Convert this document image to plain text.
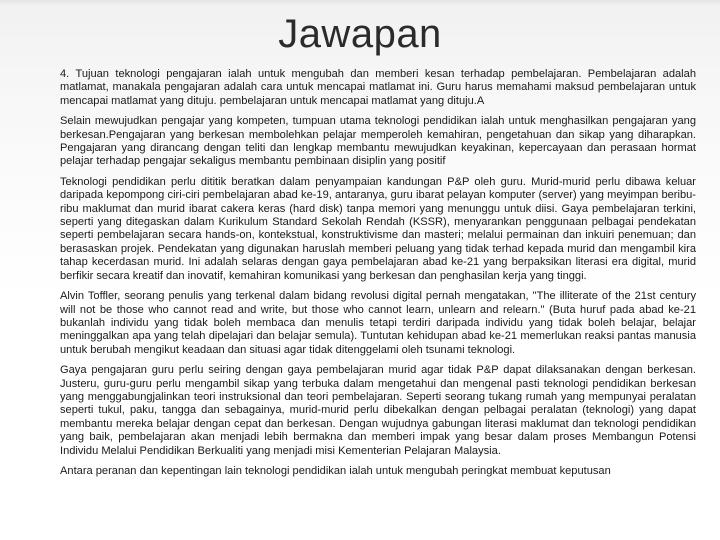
Jawapan

4. Tujuan teknologi pengajaran ialah untuk mengubah dan memberi kesan terhadap pembelajaran. Pembelajaran adalah matlamat, manakala pengajaran adalah cara untuk mencapai matlamat ini. Guru harus memahami maksud pembelajaran untuk mencapai matlamat yang dituju. pembelajaran untuk mencapai matlamat yang dituju.A

Selain mewujudkan pengajar yang kompeten, tumpuan utama teknologi pendidikan ialah untuk menghasilkan pengajaran yang berkesan.Pengajaran yang berkesan membolehkan pelajar memperoleh kemahiran, pengetahuan dan sikap yang diharapkan. Pengajaran yang dirancang dengan teliti dan lengkap membantu mewujudkan keyakinan, kepercayaan dan perasaan hormat pelajar terhadap pengajar sekaligus membantu pembinaan disiplin yang positif

Teknologi pendidikan perlu dititik beratkan dalam penyampaian kandungan P&P oleh guru. Murid-murid perlu dibawa keluar daripada kepompong ciri-ciri pembelajaran abad ke-19, antaranya, guru ibarat pelayan komputer (server) yang meyimpan beribu-ribu maklumat dan murid ibarat cakera keras (hard disk) tanpa memori yang menunggu untuk diisi. Gaya pembelajaran terkini, seperti yang ditegaskan dalam Kurikulum Standard Sekolah Rendah (KSSR), menyarankan penggunaan pelbagai pendekatan seperti pembelajaran secara hands-on, kontekstual, konstruktivisme dan masteri; melalui permainan dan inkuiri penemuan; dan berasaskan projek. Pendekatan yang digunakan haruslah memberi peluang yang tidak terhad kepada murid dan mengambil kira tahap kecerdasan murid. Ini adalah selaras dengan gaya pembelajaran abad ke-21 yang berpaksikan literasi era digital, murid berfikir secara kreatif dan inovatif, kemahiran komunikasi yang berkesan dan penghasilan kerja yang tinggi.

Alvin Toffler, seorang penulis yang terkenal dalam bidang revolusi digital pernah mengatakan, "The illiterate of the 21st century will not be those who cannot read and write, but those who cannot learn, unlearn and relearn." (Buta huruf pada abad ke-21 bukanlah individu yang tidak boleh membaca dan menulis tetapi terdiri daripada individu yang tidak boleh belajar, belajar meninggalkan apa yang telah dipelajari dan belajar semula). Tuntutan kehidupan abad ke-21 memerlukan reaksi pantas manusia untuk berubah mengikut keadaan dan situasi agar tidak ditenggelami oleh tsunami teknologi.

Gaya pengajaran guru perlu seiring dengan gaya pembelajaran murid agar tidak P&P dapat dilaksanakan dengan berkesan. Justeru, guru-guru perlu mengambil sikap yang terbuka dalam mengetahui dan mengenal pasti teknologi pendidikan berkesan yang menggabungjalinkan teori instruksional dan teori pembelajaran. Seperti seorang tukang rumah yang mempunyai peralatan seperti tukul, paku, tangga dan sebagainya, murid-murid perlu dibekalkan dengan pelbagai peralatan (teknologi) yang dapat membantu mereka belajar dengan cepat dan berkesan. Dengan wujudnya gabungan literasi maklumat dan teknologi pendidikan yang baik, pembelajaran akan menjadi lebih bermakna dan memberi impak yang besar dalam proses Membangun Potensi Individu Melalui Pendidikan Berkualiti yang menjadi misi Kementerian Pelajaran Malaysia.

Antara peranan dan kepentingan lain teknologi pendidikan ialah untuk mengubah peringkat membuat keputusan
